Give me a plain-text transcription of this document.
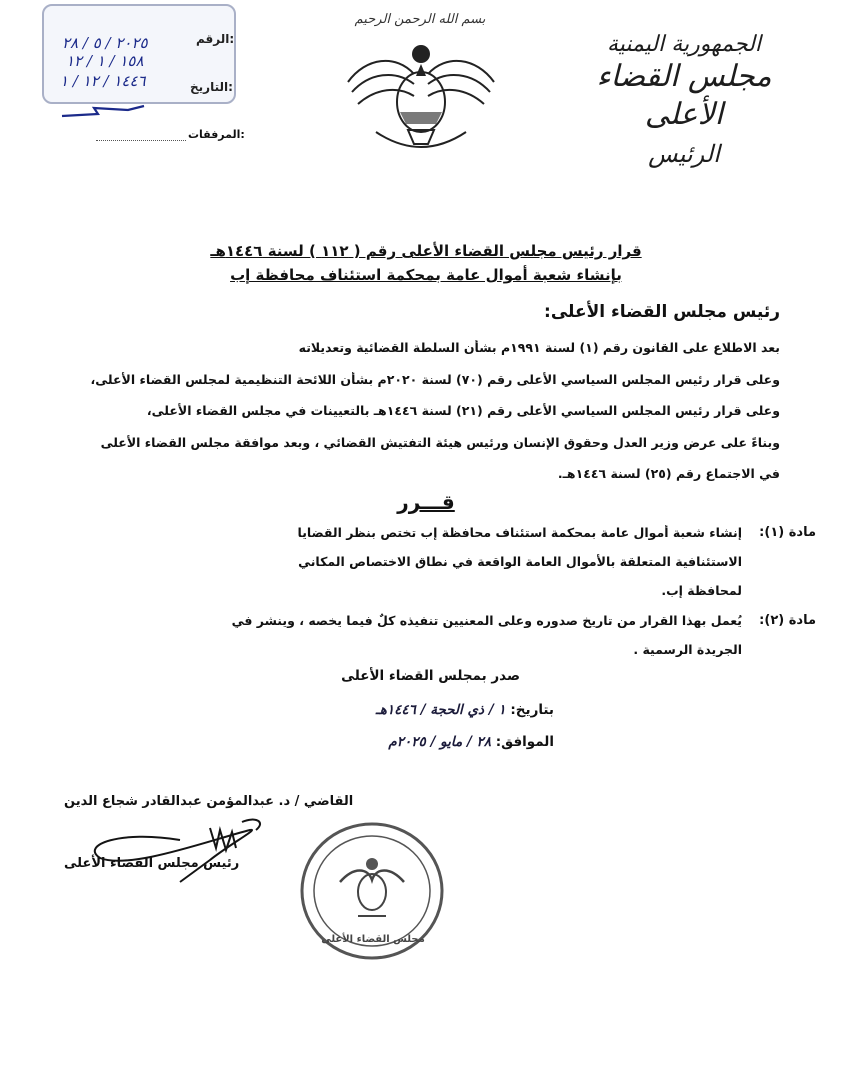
الجمهورية اليمنية
مجلس القضاء الأعلى
الرئيس
بسم الله الرحمن الرحيم
الرقم:
٢٠٢٥ / ٥ / ٢٨
١٥٨ / ١ / ١٢
١٤٤٦ / ١٢ / ١	التاريخ:
المرفقات:
قرار رئيس مجلس القضاء الأعلى رقم ( ١١٢ ) لسنة ١٤٤٦هـ
بإنشاء شعبة أموال عامة بمحكمة استئناف محافظة إب
رئيس مجلس القضاء الأعلى:
بعد الاطلاع على القانون رقم (١) لسنة ١٩٩١م بشأن السلطة القضائية وتعديلاته
وعلى قرار رئيس المجلس السياسي الأعلى رقم (٧٠) لسنة ٢٠٢٠م بشأن اللائحة التنظيمية لمجلس القضاء الأعلى،
وعلى قرار رئيس المجلس السياسي الأعلى رقم (٢١) لسنة ١٤٤٦هـ بالتعيينات في مجلس القضاء الأعلى،
وبناءً على عرض وزير العدل وحقوق الإنسان ورئيس هيئة التفتيش القضائي ، وبعد موافقة مجلس القضاء الأعلى
في الاجتماع رقم (٢٥) لسنة ١٤٤٦هـ.
قـــرر
مادة (١):
إنشاء شعبة أموال عامة بمحكمة استئناف محافظة إب تختص بنظر القضايا
الاستئنافية المتعلقة بالأموال العامة الواقعة في نطاق الاختصاص المكاني
لمحافظة إب.
مادة (٢):
يُعمل بهذا القرار من تاريخ صدوره وعلى المعنيين تنفيذه كلٌ فيما يخصه ، وينشر في
الجريدة الرسمية .
صدر بمجلس القضاء الأعلى
بتاريخ: ١ / ذي الحجة / ١٤٤٦هـ
الموافق: ٢٨ / مايو / ٢٠٢٥م
القاضي / د. عبدالمؤمن عبدالقادر شجاع الدين
رئيس مجلس القضاء الأعلى
مجلس القضاء الأعلى
